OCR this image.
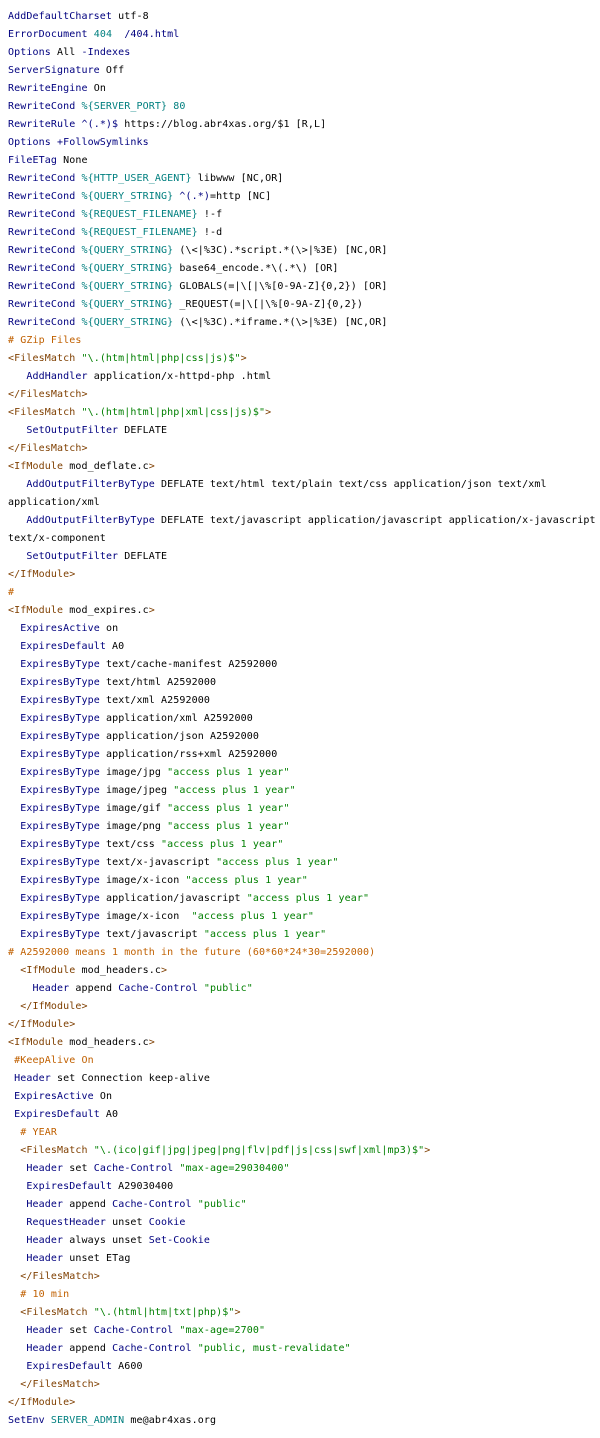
AddDefaultCharset utf-8
ErrorDocument 404 /404.html
Options All -Indexes
ServerSignature Off
RewriteEngine On
RewriteCond %{SERVER_PORT} 80
RewriteRule ^(.*)$ https://blog.abr4xas.org/$1 [R,L]
Options +FollowSymlinks
FileETag None
RewriteCond %{HTTP_USER_AGENT} libwww [NC,OR]
RewriteCond %{QUERY_STRING} ^(.*)=http [NC]
RewriteCond %{REQUEST_FILENAME} !-f
RewriteCond %{REQUEST_FILENAME} !-d
RewriteCond %{QUERY_STRING} (\<|%3C).*script.*(\>|%3E) [NC,OR]
RewriteCond %{QUERY_STRING} base64_encode.*\(.*\) [OR]
RewriteCond %{QUERY_STRING} GLOBALS(=|\[|\%[0-9A-Z]{0,2}) [OR]
RewriteCond %{QUERY_STRING} _REQUEST(=|\[|\%[0-9A-Z]{0,2})
RewriteCond %{QUERY_STRING} (\<|%3C).*iframe.*(\>|%3E) [NC,OR]
# GZip Files
<FilesMatch "\.(htm|html|php|css|js)$">
AddHandler application/x-httpd-php .html
</FilesMatch>
<FilesMatch "\.(htm|html|php|xml|css|js)$">
SetOutputFilter DEFLATE
</FilesMatch>
<IfModule mod_deflate.c>
AddOutputFilterByType DEFLATE text/html text/plain text/css application/json text/xml
application/xml
AddOutputFilterByType DEFLATE text/javascript application/javascript application/x-javascript
text/x-component
SetOutputFilter DEFLATE
</IfModule>
#
<IfModule mod_expires.c>
ExpiresActive on
ExpiresDefault A0
ExpiresByType text/cache-manifest A2592000
ExpiresByType text/html A2592000
ExpiresByType text/xml A2592000
ExpiresByType application/xml A2592000
ExpiresByType application/json A2592000
ExpiresByType application/rss+xml A2592000
ExpiresByType image/jpg "access plus 1 year"
ExpiresByType image/jpeg "access plus 1 year"
ExpiresByType image/gif "access plus 1 year"
ExpiresByType image/png "access plus 1 year"
ExpiresByType text/css "access plus 1 year"
ExpiresByType text/x-javascript "access plus 1 year"
ExpiresByType image/x-icon "access plus 1 year"
ExpiresByType application/javascript "access plus 1 year"
ExpiresByType image/x-icon  "access plus 1 year"
ExpiresByType text/javascript "access plus 1 year"
# A2592000 means 1 month in the future (60*60*24*30=2592000)
<IfModule mod_headers.c>
Header append Cache-Control "public"
</IfModule>
</IfModule>
<IfModule mod_headers.c>
#KeepAlive On
Header set Connection keep-alive
ExpiresActive On
ExpiresDefault A0
# YEAR
<FilesMatch "\.(ico|gif|jpg|jpeg|png|flv|pdf|js|css|swf|xml|mp3)$">
Header set Cache-Control "max-age=29030400"
ExpiresDefault A29030400
Header append Cache-Control "public"
RequestHeader unset Cookie
Header always unset Set-Cookie
Header unset ETag
</FilesMatch>
# 10 min
<FilesMatch "\.(html|htm|txt|php)$">
Header set Cache-Control "max-age=2700"
Header append Cache-Control "public, must-revalidate"
ExpiresDefault A600
</FilesMatch>
</IfModule>
SetEnv SERVER_ADMIN me@abr4xas.org
